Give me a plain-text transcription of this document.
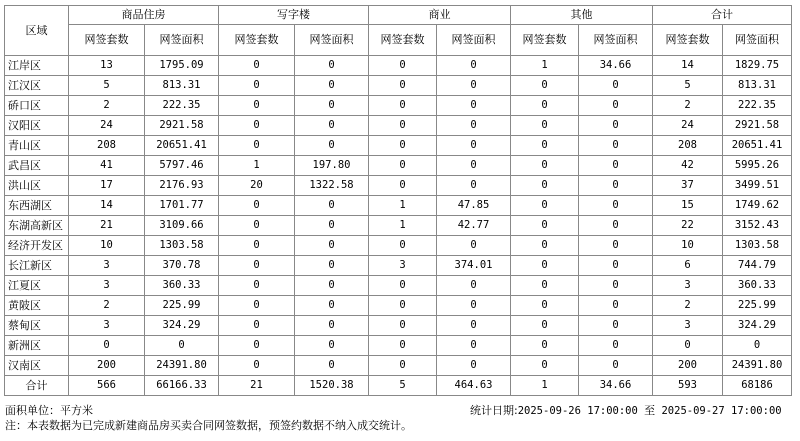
区域	商品住房		写字楼		商业		其他		合计	
	网签套数	网签面积	网签套数	网签面积	网签套数	网签面积	网签套数	网签面积	网签套数	网签面积
江岸区	13	1795.09	0	0	0	0	1	34.66	14	1829.75
江汉区	5	813.31	0	0	0	0	0	0	5	813.31
硚口区	2	222.35	0	0	0	0	0	0	2	222.35
汉阳区	24	2921.58	0	0	0	0	0	0	24	2921.58
青山区	208	20651.41	0	0	0	0	0	0	208	20651.41
武昌区	41	5797.46	1	197.80	0	0	0	0	42	5995.26
洪山区	17	2176.93	20	1322.58	0	0	0	0	37	3499.51
东西湖区	14	1701.77	0	0	1	47.85	0	0	15	1749.62
东湖高新区	21	3109.66	0	0	1	42.77	0	0	22	3152.43
经济开发区	10	1303.58	0	0	0	0	0	0	10	1303.58
长江新区	3	370.78	0	0	3	374.01	0	0	6	744.79
江夏区	3	360.33	0	0	0	0	0	0	3	360.33
黄陂区	2	225.99	0	0	0	0	0	0	2	225.99
蔡甸区	3	324.29	0	0	0	0	0	0	3	324.29
新洲区	0	0	0	0	0	0	0	0	0	0
汉南区	200	24391.80	0	0	0	0	0	0	200	24391.80
合计	566	66166.33	21	1520.38	5	464.63	1	34.66	593	68186
面积单位：平方米	统计日期:2025-09-26 17:00:00 至 2025-09-27 17:00:00
注：本表数据为已完成新建商品房买卖合同网签数据，预签约数据不纳入成交统计。
